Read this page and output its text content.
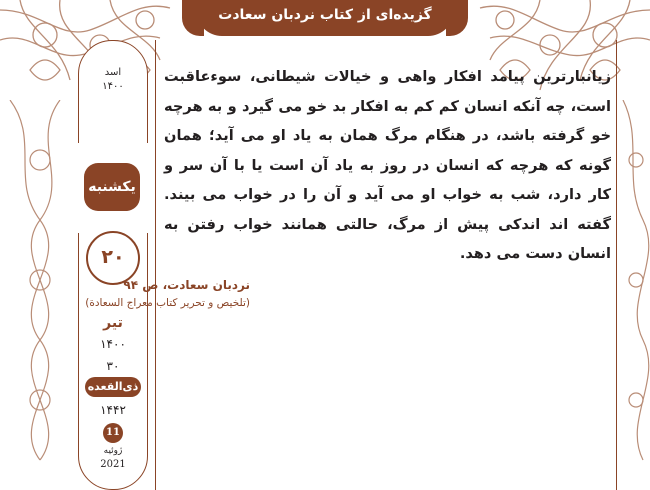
گزیده‌ای از کتاب نردبان سعادت
اسد
۱۴۰۰
یکشنبه
۲۰
تیر
۱۴۰۰
۳۰
ذی‌القعده
۱۴۴۲
11
ژوئیه
2021
زیانبارترین پیامد افکار واهی و خیالات شیطانی، سوءعاقبت است، چه آنکه انسان کم کم به افکار بد خو می گیرد و به هرچه خو گرفته باشد، در هنگام مرگ همان به یاد او می آید؛ همان گونه که هرچه که انسان در روز به یاد آن است یا با آن سر و کار دارد، شب به خواب او می آید و آن را در خواب می بیند. گفته اند اندکی پیش از مرگ، حالتی همانند خواب رفتن به انسان دست می دهد.
نردبان سعادت، ص ۹۴
(تلخیص و تحریر کتاب معراج السعادة)
